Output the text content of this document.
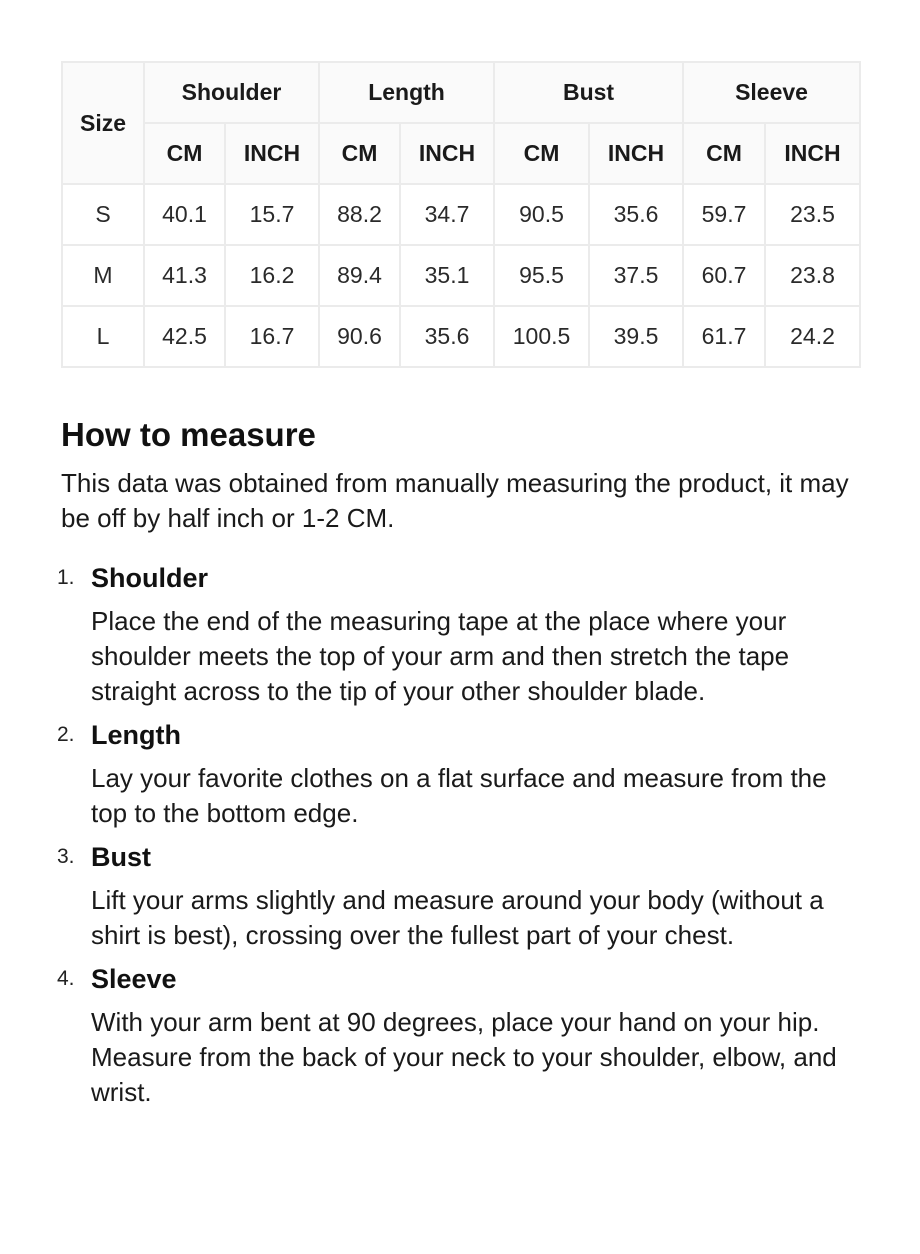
Size	Shoulder		Length		Bust		Sleeve	
	CM	INCH	CM	INCH	CM	INCH	CM	INCH
S	40.1	15.7	88.2	34.7	90.5	35.6	59.7	23.5
M	41.3	16.2	89.4	35.1	95.5	37.5	60.7	23.8
L	42.5	16.7	90.6	35.6	100.5	39.5	61.7	24.2
How to measure

This data was obtained from manually measuring the product, it may be off by half inch or 1-2 CM.

1. Shoulder

Place the end of the measuring tape at the place where your shoulder meets the top of your arm and then stretch the tape straight across to the tip of your other shoulder blade.

2. Length

Lay your favorite clothes on a flat surface and measure from the top to the bottom edge.

3. Bust

Lift your arms slightly and measure around your body (without a shirt is best), crossing over the fullest part of your chest.

4. Sleeve

With your arm bent at 90 degrees, place your hand on your hip. Measure from the back of your neck to your shoulder, elbow, and wrist.
